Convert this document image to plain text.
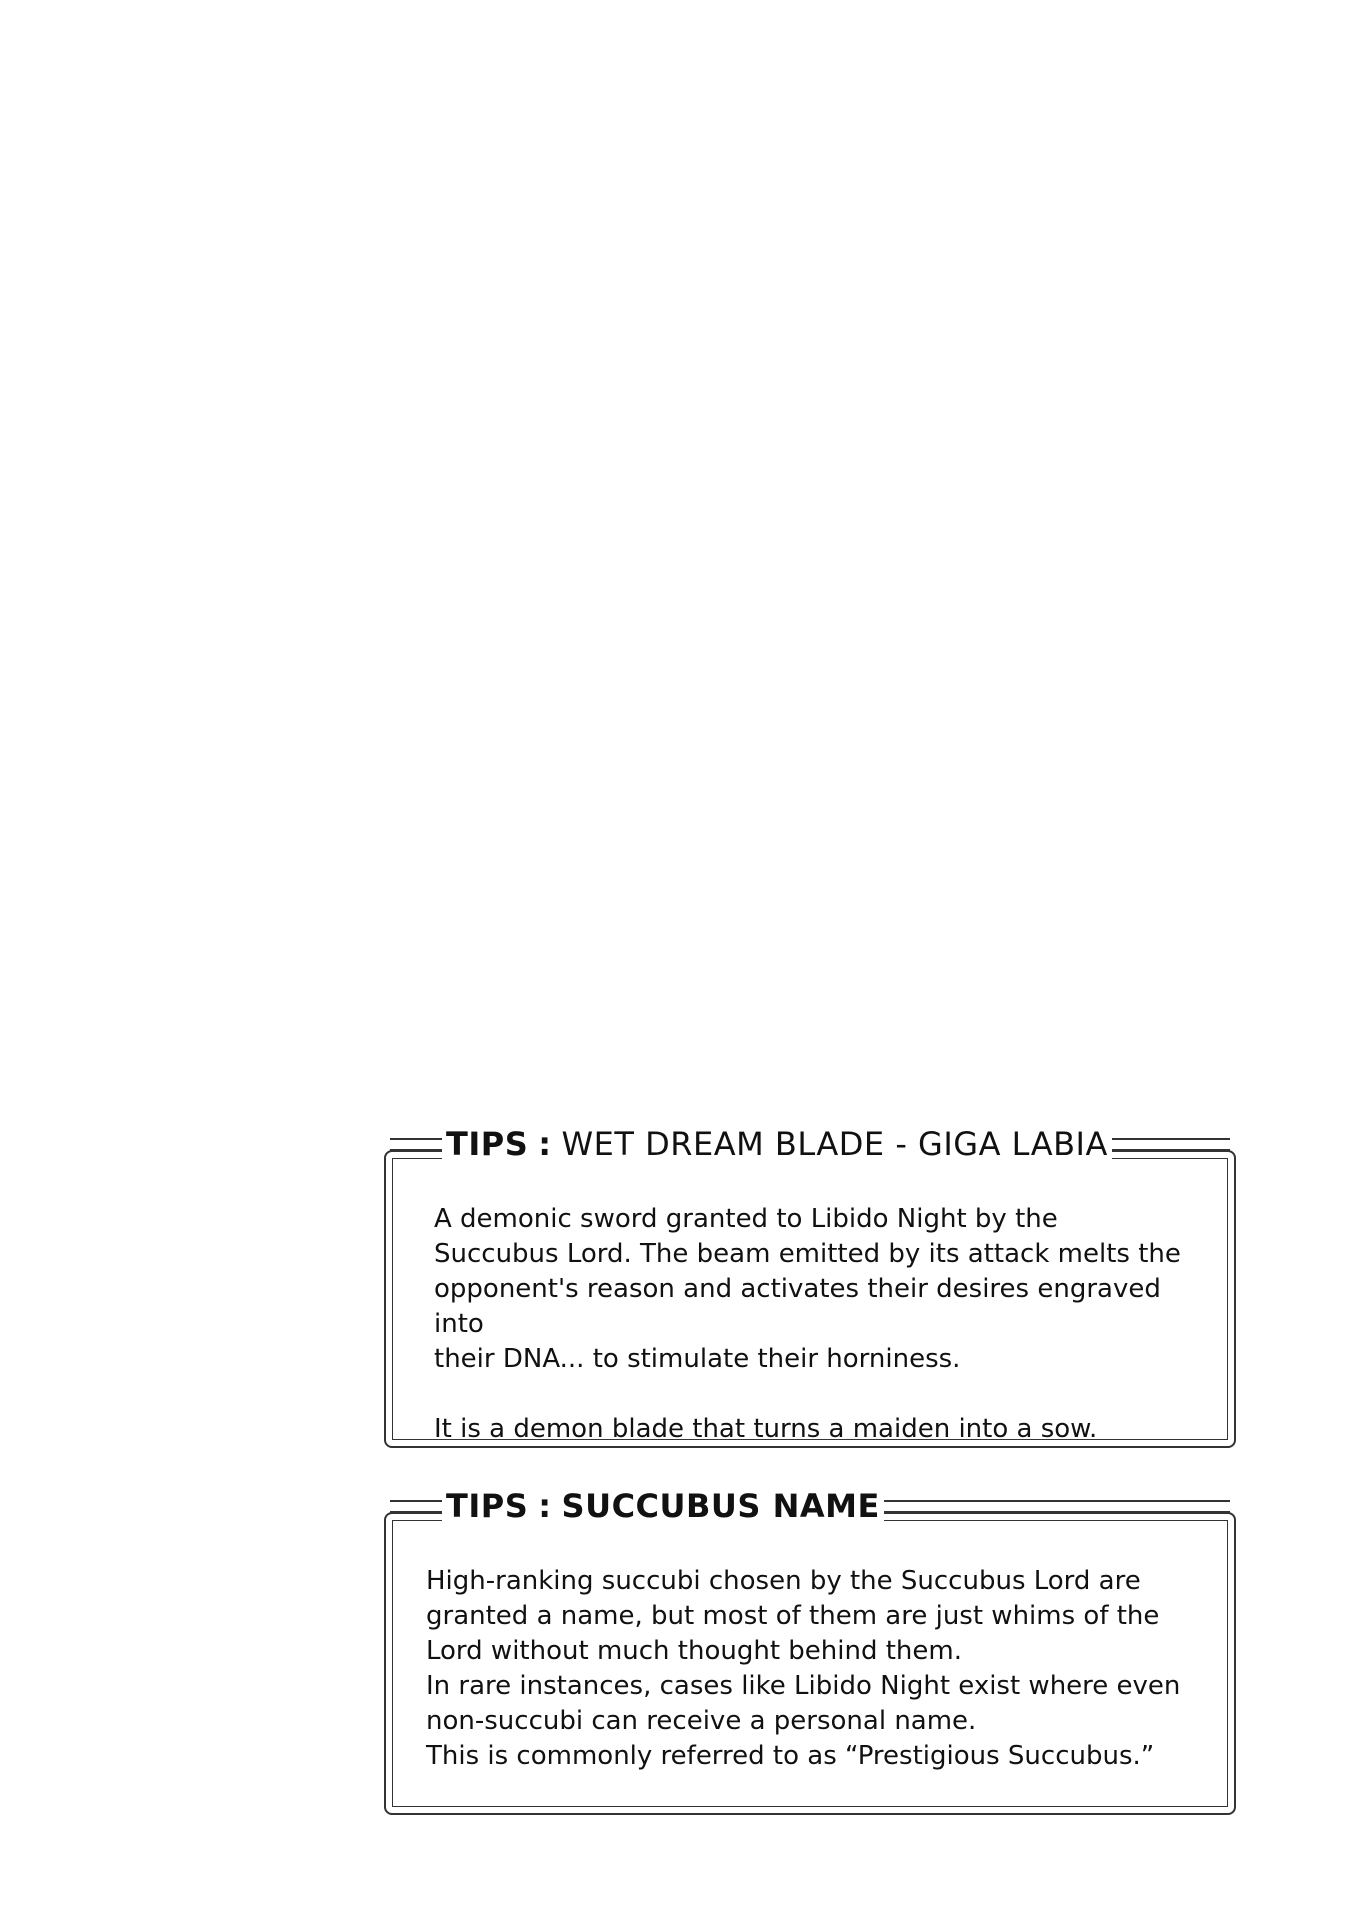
TIPS : WET DREAM BLADE - GIGA LABIA

A demonic sword granted to Libido Night by the

Succubus Lord. The beam emitted by its attack melts the

opponent's reason and activates their desires engraved into

their DNA... to stimulate their horniness.

It is a demon blade that turns a maiden into a sow.

TIPS : SUCCUBUS NAME

High-ranking succubi chosen by the Succubus Lord are

granted a name, but most of them are just whims of the

Lord without much thought behind them.

In rare instances, cases like Libido Night exist where even

non-succubi can receive a personal name.

This is commonly referred to as “Prestigious Succubus.”
